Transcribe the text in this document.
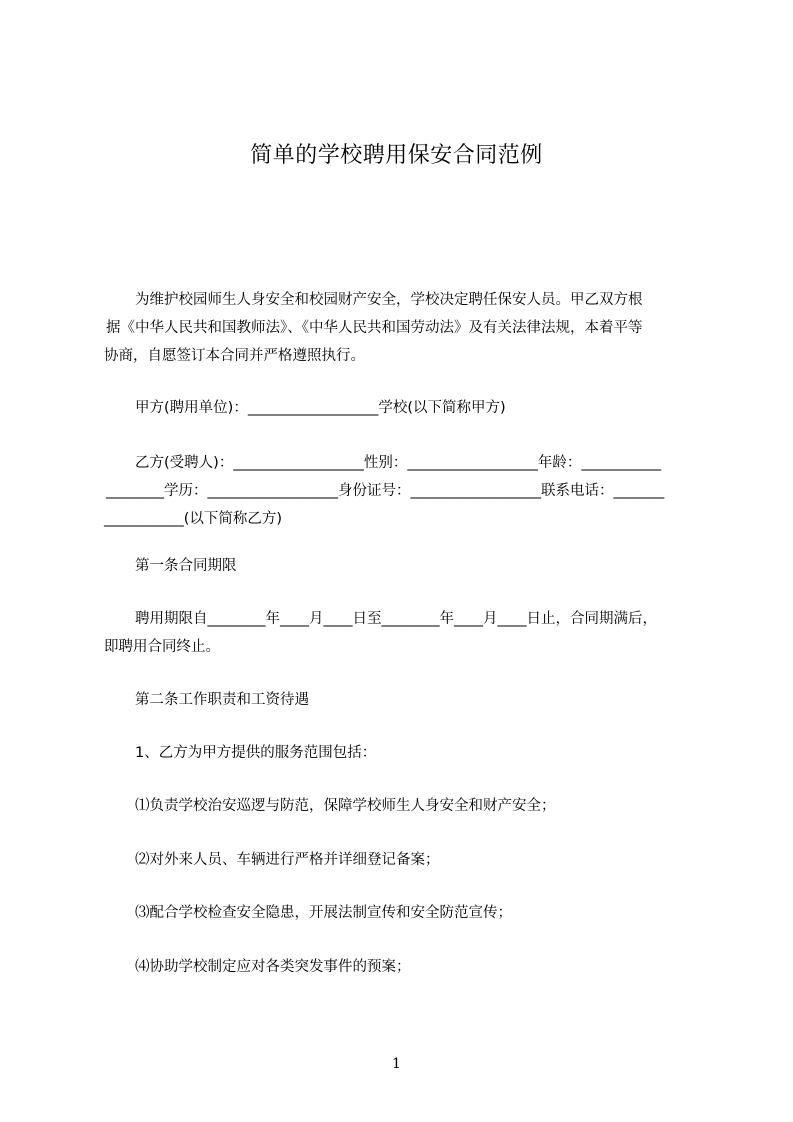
简单的学校聘用保安合同范例
为维护校园师生人身安全和校园财产安全，学校决定聘任保安人员。甲乙双方根
据《中华人民共和国教师法》、《中华人民共和国劳动法》及有关法律法规，本着平等
协商，自愿签订本合同并严格遵照执行。
甲方(聘用单位)：__________________学校(以下简称甲方)
乙方(受聘人)：__________________性别：__________________年龄：___________
________学历：__________________身份证号：__________________联系电话：_______
___________(以下简称乙方)
第一条合同期限
聘用期限自________年____月____日至________年____月____日止，合同期满后，
即聘用合同终止。
第二条工作职责和工资待遇
1、乙方为甲方提供的服务范围包括：
⑴负责学校治安巡逻与防范，保障学校师生人身安全和财产安全；
⑵对外来人员、车辆进行严格并详细登记备案；
⑶配合学校检查安全隐患，开展法制宣传和安全防范宣传；
⑷协助学校制定应对各类突发事件的预案；
1
